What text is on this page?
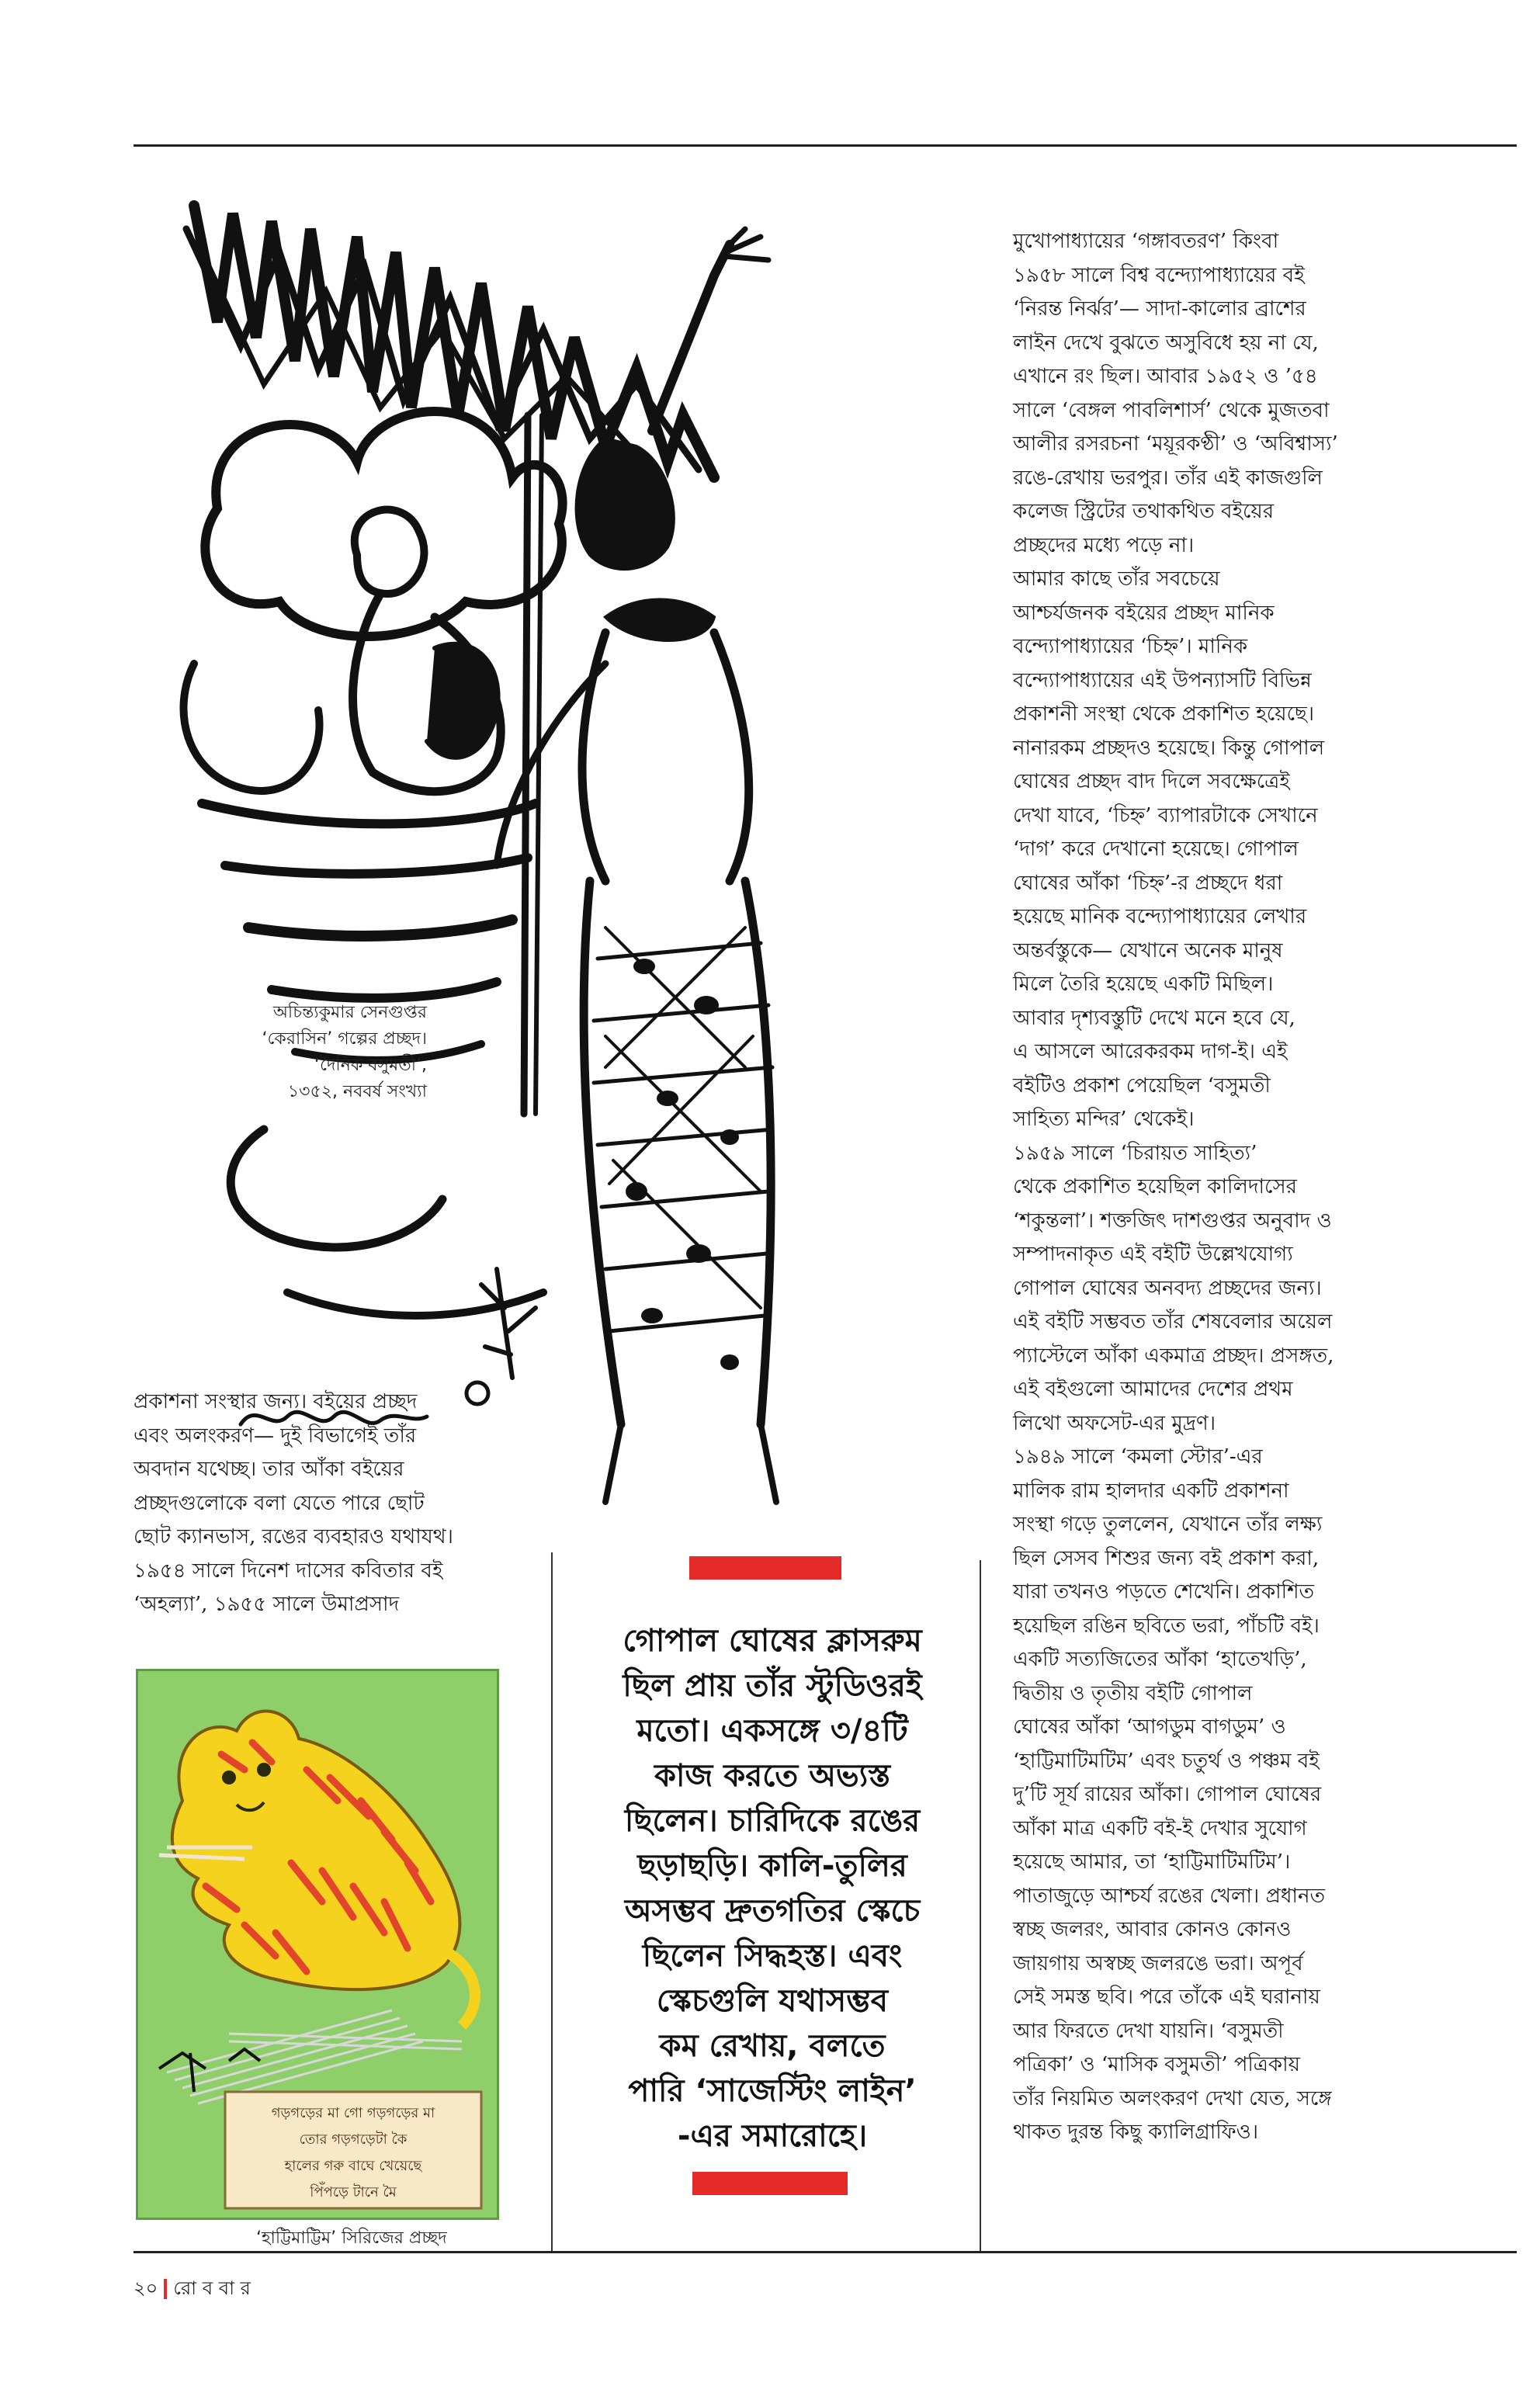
অচিন্ত্যকুমার সেনগুপ্তর
‘কেরাসিন’ গল্পের প্রচ্ছদ।
‘দৈনিক বসুমতী’,
১৩৫২, নববর্ষ সংখ্যা

প্রকাশনা সংস্থার জন্য। বইয়ের প্রচ্ছদ

এবং অলংকরণ— দুই বিভাগেই তাঁর

অবদান যথেচ্ছ। তার আঁকা বইয়ের

প্রচ্ছদগুলোকে বলা যেতে পারে ছোট

ছোট ক্যানভাস, রঙের ব্যবহারও যথাযথ।

১৯৫৪ সালে দিনেশ দাসের কবিতার বই

‘অহল্যা’, ১৯৫৫ সালে উমাপ্রসাদ

গড়গড়ের মা গো গড়গড়ের মা
তোর গড়গড়েটা কৈ
হালের গরু বাঘে খেয়েছে
পিঁপড়ে টানে মৈ
‘হাট্টিমাট্টিম’ সিরিজের প্রচ্ছদ
গোপাল ঘোষের ক্লাসরুম
ছিল প্রায় তাঁর স্টুডিওরই
মতো। একসঙ্গে ৩/৪টি
কাজ করতে অভ্যস্ত
ছিলেন। চারিদিকে রঙের
ছড়াছড়ি। কালি-তুলির
অসম্ভব দ্রুতগতির স্কেচে
ছিলেন সিদ্ধহস্ত। এবং
স্কেচগুলি যথাসম্ভব
কম রেখায়, বলতে
পারি ‘সাজেস্টিং লাইন’
-এর সমারোহে।

মুখোপাধ্যায়ের ‘গঙ্গাবতরণ’ কিংবা

১৯৫৮ সালে বিশ্ব বন্দ্যোপাধ্যায়ের বই

‘নিরন্ত নির্ঝর’— সাদা-কালোর ব্রাশের

লাইন দেখে বুঝতে অসুবিধে হয় না যে,

এখানে রং ছিল। আবার ১৯৫২ ও ’৫৪

সালে ‘বেঙ্গল পাবলিশার্স’ থেকে মুজতবা

আলীর রসরচনা ‘ময়ূরকণ্ঠী’ ও ‘অবিশ্বাস্য’

রঙে-রেখায় ভরপুর। তাঁর এই কাজগুলি

কলেজ স্ট্রিটের তথাকথিত বইয়ের

প্রচ্ছদের মধ্যে পড়ে না।

আমার কাছে তাঁর সবচেয়ে

আশ্চর্যজনক বইয়ের প্রচ্ছদ মানিক

বন্দ্যোপাধ্যায়ের ‘চিহ্ন’। মানিক

বন্দ্যোপাধ্যায়ের এই উপন্যাসটি বিভিন্ন

প্রকাশনী সংস্থা থেকে প্রকাশিত হয়েছে।

নানারকম প্রচ্ছদও হয়েছে। কিন্তু গোপাল

ঘোষের প্রচ্ছদ বাদ দিলে সবক্ষেত্রেই

দেখা যাবে, ‘চিহ্ন’ ব্যাপারটাকে সেখানে

‘দাগ’ করে দেখানো হয়েছে। গোপাল

ঘোষের আঁকা ‘চিহ্ন’-র প্রচ্ছদে ধরা

হয়েছে মানিক বন্দ্যোপাধ্যায়ের লেখার

অন্তর্বস্তুকে— যেখানে অনেক মানুষ

মিলে তৈরি হয়েছে একটি মিছিল।

আবার দৃশ্যবস্তুটি দেখে মনে হবে যে,

এ আসলে আরেকরকম দাগ-ই। এই

বইটিও প্রকাশ পেয়েছিল ‘বসুমতী

সাহিত্য মন্দির’ থেকেই।

১৯৫৯ সালে ‘চিরায়ত সাহিত্য’

থেকে প্রকাশিত হয়েছিল কালিদাসের

‘শকুন্তলা’। শক্তজিৎ দাশগুপ্তর অনুবাদ ও

সম্পাদনাকৃত এই বইটি উল্লেখযোগ্য

গোপাল ঘোষের অনবদ্য প্রচ্ছদের জন্য।

এই বইটি সম্ভবত তাঁর শেষবেলার অয়েল

প্যাস্টেলে আঁকা একমাত্র প্রচ্ছদ। প্রসঙ্গত,

এই বইগুলো আমাদের দেশের প্রথম

লিথো অফসেট-এর মুদ্রণ।

১৯৪৯ সালে ‘কমলা স্টোর’-এর

মালিক রাম হালদার একটি প্রকাশনা

সংস্থা গড়ে তুললেন, যেখানে তাঁর লক্ষ্য

ছিল সেসব শিশুর জন্য বই প্রকাশ করা,

যারা তখনও পড়তে শেখেনি। প্রকাশিত

হয়েছিল রঙিন ছবিতে ভরা, পাঁচটি বই।

একটি সত্যজিতের আঁকা ‘হাতেখড়ি’,

দ্বিতীয় ও তৃতীয় বইটি গোপাল

ঘোষের আঁকা ‘আগডুম বাগডুম’ ও

‘হাট্টিমাটিমটিম’ এবং চতুর্থ ও পঞ্চম বই

দু’টি সূর্য রায়ের আঁকা। গোপাল ঘোষের

আঁকা মাত্র একটি বই-ই দেখার সুযোগ

হয়েছে আমার, তা ‘হাট্টিমাটিমটিম’।

পাতাজুড়ে আশ্চর্য রঙের খেলা। প্রধানত

স্বচ্ছ জলরং, আবার কোনও কোনও

জায়গায় অস্বচ্ছ জলরঙে ভরা। অপূর্ব

সেই সমস্ত ছবি। পরে তাঁকে এই ঘরানায়

আর ফিরতে দেখা যায়নি। ‘বসুমতী

পত্রিকা’ ও ‘মাসিক বসুমতী’ পত্রিকায়

তাঁর নিয়মিত অলংকরণ দেখা যেত, সঙ্গে

থাকত দুরন্ত কিছু ক্যালিগ্রাফিও।

২০ রো ব বা র
